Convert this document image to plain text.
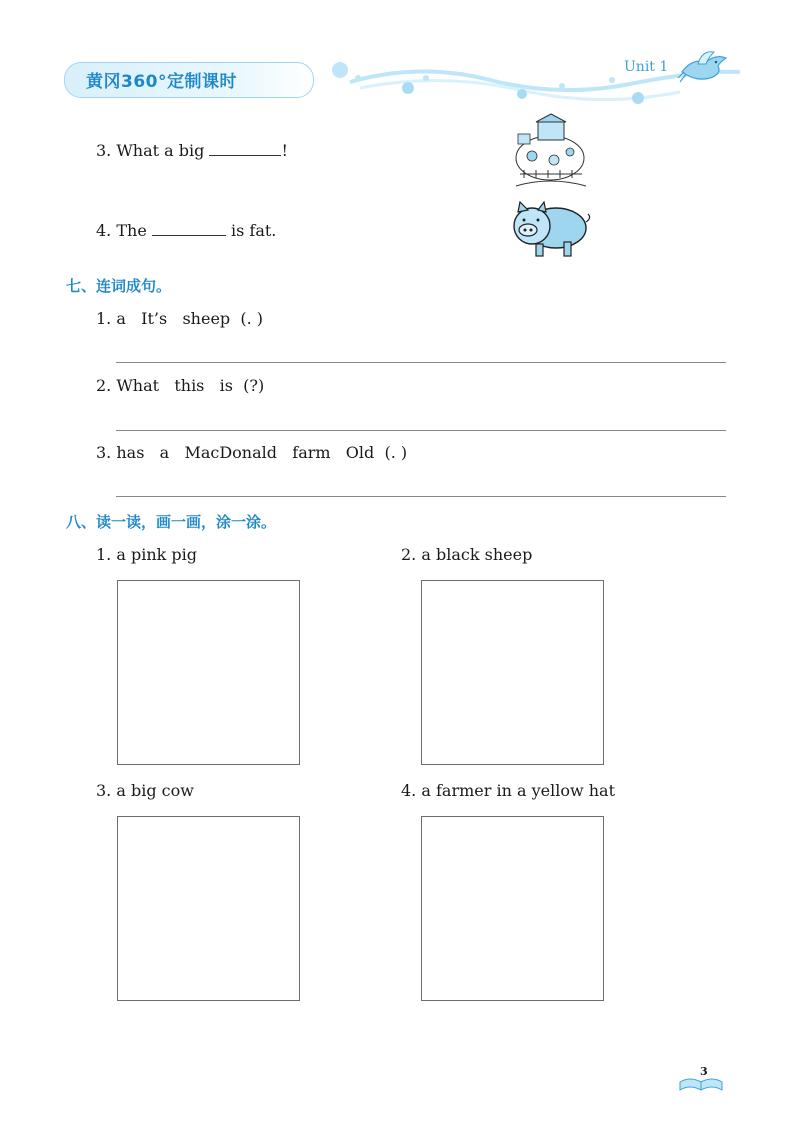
黄冈360°定制课时
Unit 1
3. What a big	!
4. The	is fat.
七、连词成句。
1. a   It’s   sheep  (. )
2. What   this   is  (?)
3. has   a   MacDonald   farm   Old  (. )
八、读一读，画一画，涂一涂。
1. a pink pig	2. a black sheep
3. a big cow	4. a farmer in a yellow hat
3
